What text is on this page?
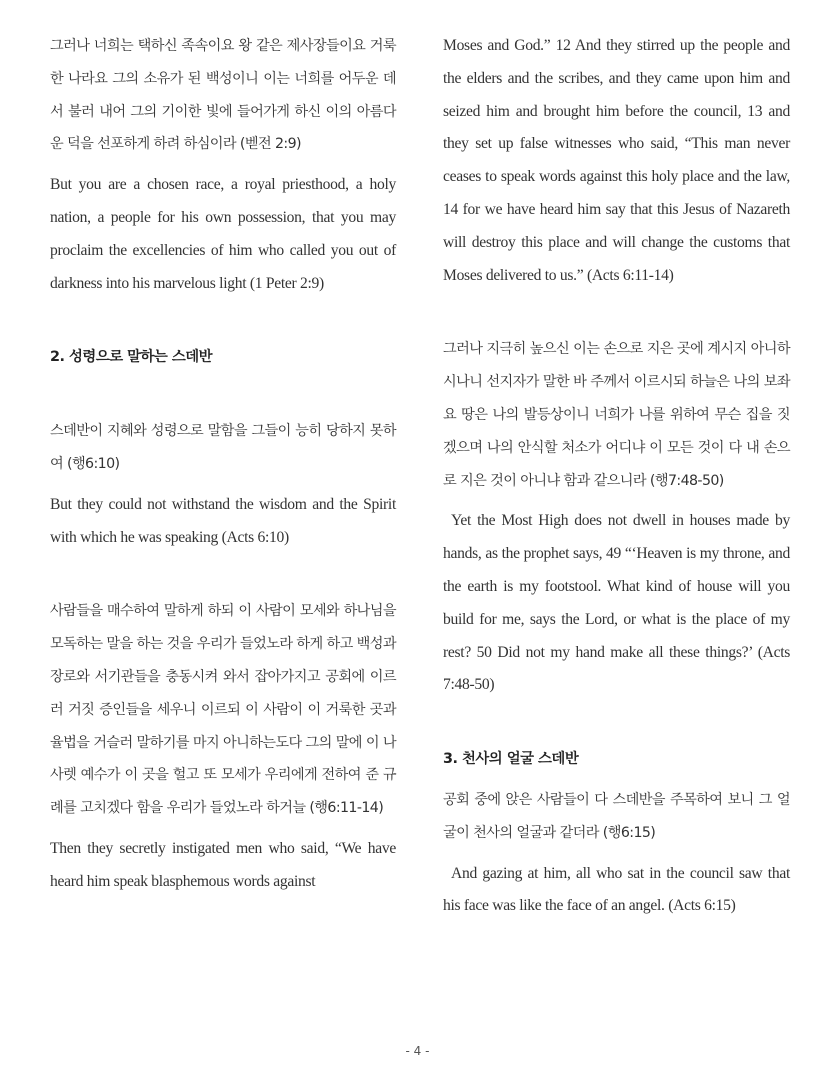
그러나 너희는 택하신 족속이요 왕 같은 제사장들이요 거룩한 나라요 그의 소유가 된 백성이니 이는 너희를 어두운 데서 불러 내어 그의 기이한 빛에 들어가게 하신 이의 아름다운 덕을 선포하게 하려 하심이라 (벧전 2:9)

But you are a chosen race, a royal priesthood, a holy nation, a people for his own possession, that you may proclaim the excellencies of him who called you out of darkness into his marvelous light (1 Peter 2:9)

2. 성령으로 말하는 스데반

스데반이 지혜와 성령으로 말함을 그들이 능히 당하지 못하여 (행6:10)

But they could not withstand the wisdom and the Spirit with which he was speaking (Acts 6:10)

사람들을 매수하여 말하게 하되 이 사람이 모세와 하나님을 모독하는 말을 하는 것을 우리가 들었노라 하게 하고 백성과 장로와 서기관들을 충동시켜 와서 잡아가지고 공회에 이르러 거짓 증인들을 세우니 이르되 이 사람이 이 거룩한 곳과 율법을 거슬러 말하기를 마지 아니하는도다 그의 말에 이 나사렛 예수가 이 곳을 헐고 또 모세가 우리에게 전하여 준 규례를 고치겠다 함을 우리가 들었노라 하거늘 (행6:11-14)

Then they secretly instigated men who said, “We have heard him speak blasphemous words against

Moses and God.” 12 And they stirred up the people and the elders and the scribes, and they came upon him and seized him and brought him before the council, 13 and they set up false witnesses who said, “This man never ceases to speak words against this holy place and the law, 14 for we have heard him say that this Jesus of Nazareth will destroy this place and will change the customs that Moses delivered to us.” (Acts 6:11-14)

그러나 지극히 높으신 이는 손으로 지은 곳에 계시지 아니하시나니 선지자가 말한 바 주께서 이르시되 하늘은 나의 보좌요 땅은 나의 발등상이니 너희가 나를 위하여 무슨 집을 짓겠으며 나의 안식할 처소가 어디냐 이 모든 것이 다 내 손으로 지은 것이 아니냐 함과 같으니라 (행7:48-50)

Yet the Most High does not dwell in houses made by hands, as the prophet says, 49 “‘Heaven is my throne, and the earth is my footstool. What kind of house will you build for me, says the Lord, or what is the place of my rest? 50 Did not my hand make all these things?’ (Acts 7:48-50)

3. 천사의 얼굴 스데반

공회 중에 앉은 사람들이 다 스데반을 주목하여 보니 그 얼굴이 천사의 얼굴과 같더라 (행6:15)

And gazing at him, all who sat in the council saw that his face was like the face of an angel. (Acts 6:15)

- 4 -
